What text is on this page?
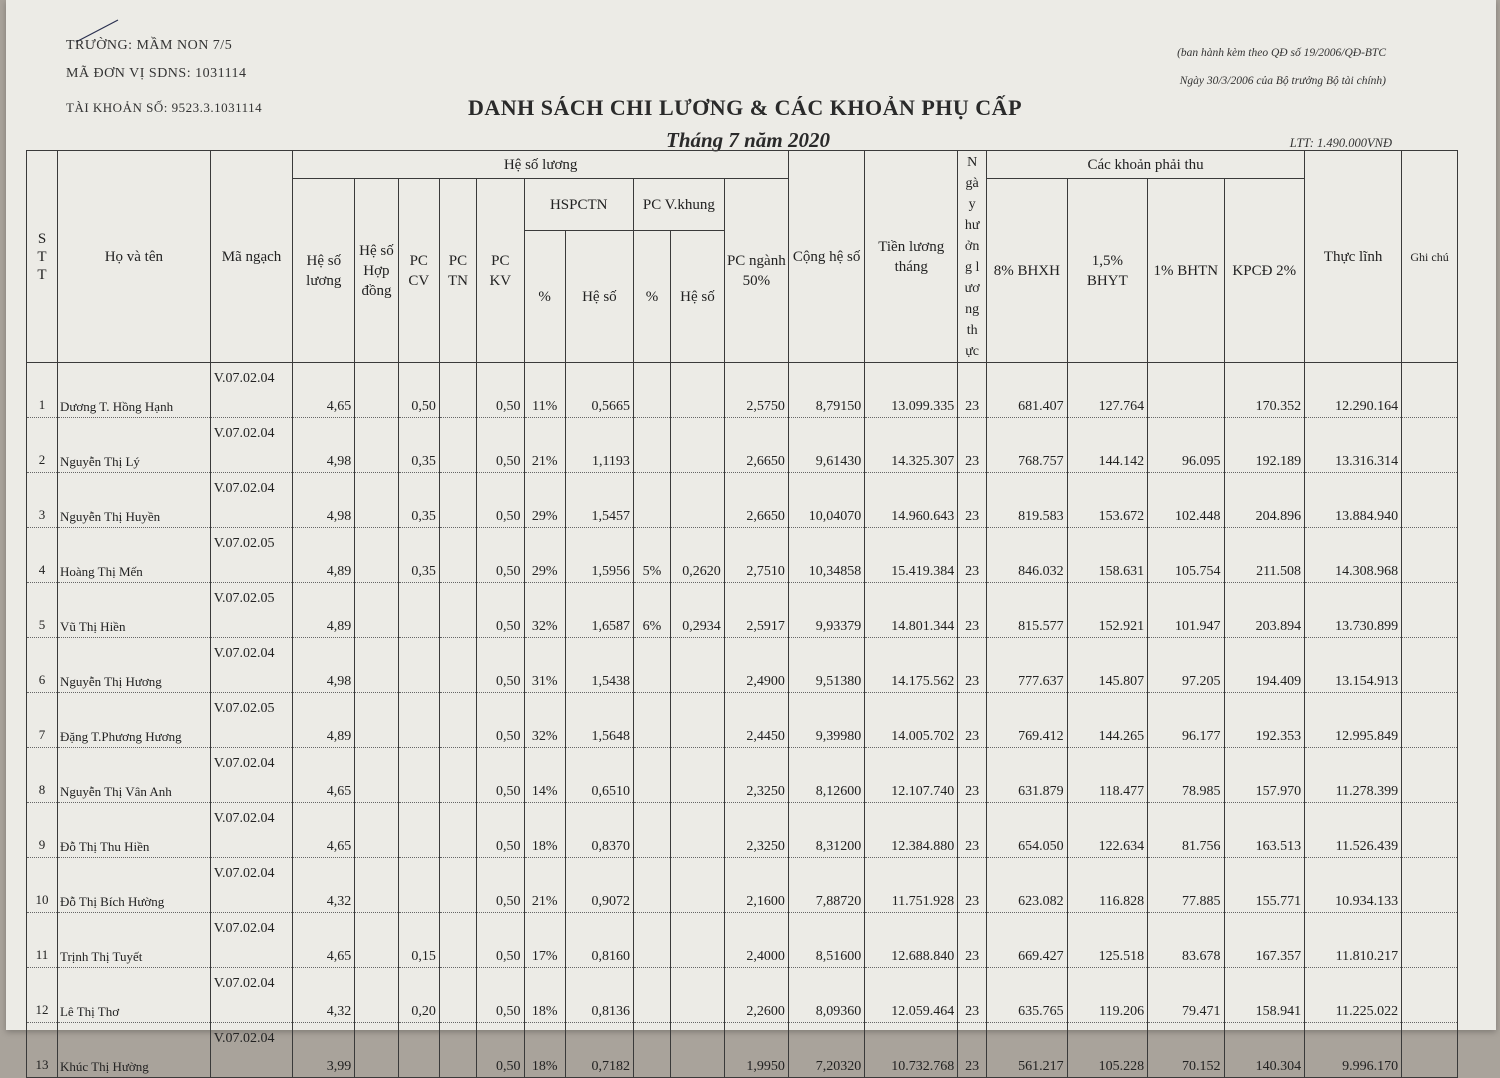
TRƯỜNG: MẦM NON 7/5
MÃ ĐƠN VỊ SDNS: 1031114
TÀI KHOẢN SỐ: 9523.3.1031114
(ban hành kèm theo QĐ số 19/2006/QĐ-BTC
Ngày 30/3/2006 của Bộ trưởng Bộ tài chính)
DANH SÁCH CHI LƯƠNG & CÁC KHOẢN PHỤ CẤP
Tháng 7 năm 2020	LTT: 1.490.000VNĐ
S T T	Họ và tên	Mã ngạch	Hệ số lương										Cộng hệ số	Tiền lương tháng	Ngày hưởng lương thực	Các khoản phải thu				Thực lĩnh	Ghi chú
			Hệ số lương	Hệ số Hợp đồng	PC CV	PC TN	PC KV	HSPCTN		PC V.khung		PC ngành 50%				8% BHXH	1,5% BHYT	1% BHTN	KPCĐ 2%		
								%	Hệ số	%	Hệ số										
1	Dương T. Hồng Hạnh	V.07.02.04	4,65		0,50		0,50	11%	0,5665			2,5750	8,79150	13.099.335	23	681.407	127.764		170.352	12.290.164	
2	Nguyễn Thị Lý	V.07.02.04	4,98		0,35		0,50	21%	1,1193			2,6650	9,61430	14.325.307	23	768.757	144.142	96.095	192.189	13.316.314	
3	Nguyễn Thị Huyền	V.07.02.04	4,98		0,35		0,50	29%	1,5457			2,6650	10,04070	14.960.643	23	819.583	153.672	102.448	204.896	13.884.940	
4	Hoàng Thị Mến	V.07.02.05	4,89		0,35		0,50	29%	1,5956	5%	0,2620	2,7510	10,34858	15.419.384	23	846.032	158.631	105.754	211.508	14.308.968	
5	Vũ Thị Hiền	V.07.02.05	4,89				0,50	32%	1,6587	6%	0,2934	2,5917	9,93379	14.801.344	23	815.577	152.921	101.947	203.894	13.730.899	
6	Nguyễn Thị Hương	V.07.02.04	4,98				0,50	31%	1,5438			2,4900	9,51380	14.175.562	23	777.637	145.807	97.205	194.409	13.154.913	
7	Đặng T.Phương Hương	V.07.02.05	4,89				0,50	32%	1,5648			2,4450	9,39980	14.005.702	23	769.412	144.265	96.177	192.353	12.995.849	
8	Nguyễn Thị Vân Anh	V.07.02.04	4,65				0,50	14%	0,6510			2,3250	8,12600	12.107.740	23	631.879	118.477	78.985	157.970	11.278.399	
9	Đỗ Thị Thu Hiền	V.07.02.04	4,65				0,50	18%	0,8370			2,3250	8,31200	12.384.880	23	654.050	122.634	81.756	163.513	11.526.439	
10	Đỗ Thị Bích Hường	V.07.02.04	4,32				0,50	21%	0,9072			2,1600	7,88720	11.751.928	23	623.082	116.828	77.885	155.771	10.934.133	
11	Trịnh Thị Tuyết	V.07.02.04	4,65		0,15		0,50	17%	0,8160			2,4000	8,51600	12.688.840	23	669.427	125.518	83.678	167.357	11.810.217	
12	Lê Thị Thơ	V.07.02.04	4,32		0,20		0,50	18%	0,8136			2,2600	8,09360	12.059.464	23	635.765	119.206	79.471	158.941	11.225.022	
13	Khúc Thị Hường	V.07.02.04	3,99				0,50	18%	0,7182			1,9950	7,20320	10.732.768	23	561.217	105.228	70.152	140.304	9.996.170	
